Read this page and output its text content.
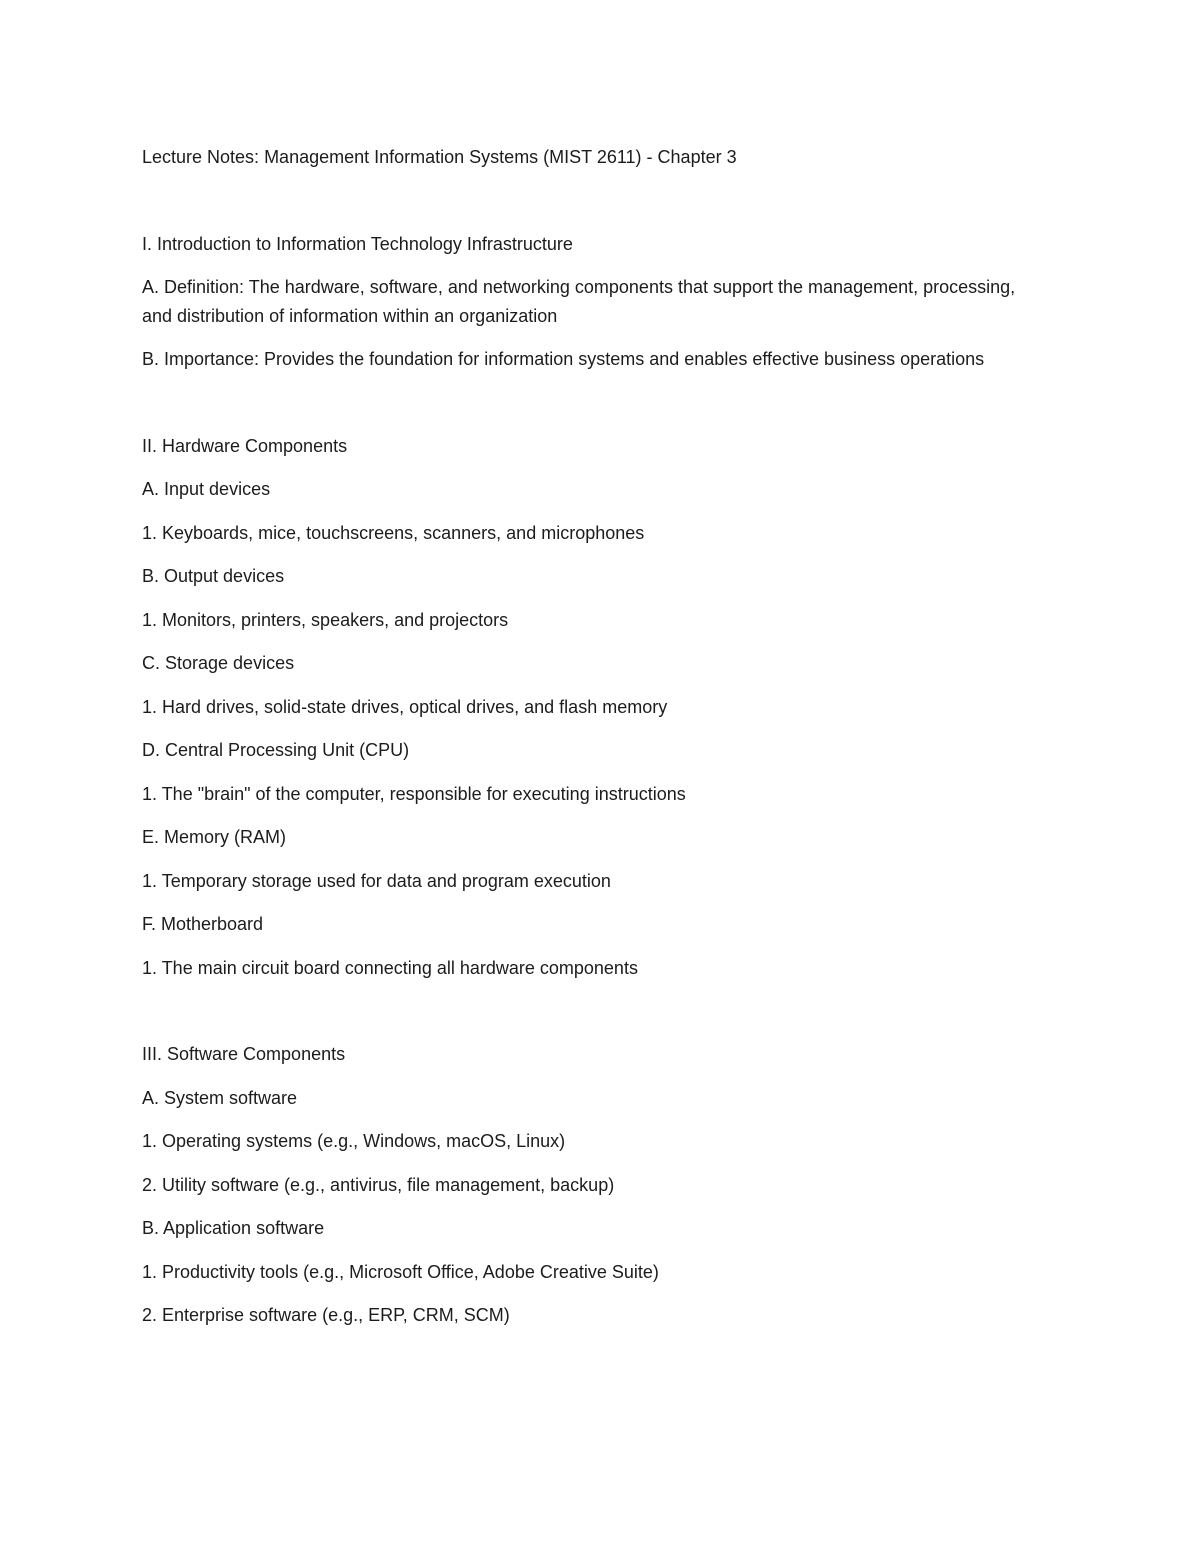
Lecture Notes: Management Information Systems (MIST 2611) - Chapter 3

I. Introduction to Information Technology Infrastructure

A. Definition: The hardware, software, and networking components that support the management, processing, and distribution of information within an organization

B. Importance: Provides the foundation for information systems and enables effective business operations

II. Hardware Components

A. Input devices

1. Keyboards, mice, touchscreens, scanners, and microphones

B. Output devices

1. Monitors, printers, speakers, and projectors

C. Storage devices

1. Hard drives, solid-state drives, optical drives, and flash memory

D. Central Processing Unit (CPU)

1. The "brain" of the computer, responsible for executing instructions

E. Memory (RAM)

1. Temporary storage used for data and program execution

F. Motherboard

1. The main circuit board connecting all hardware components

III. Software Components

A. System software

1. Operating systems (e.g., Windows, macOS, Linux)

2. Utility software (e.g., antivirus, file management, backup)

B. Application software

1. Productivity tools (e.g., Microsoft Office, Adobe Creative Suite)

2. Enterprise software (e.g., ERP, CRM, SCM)
